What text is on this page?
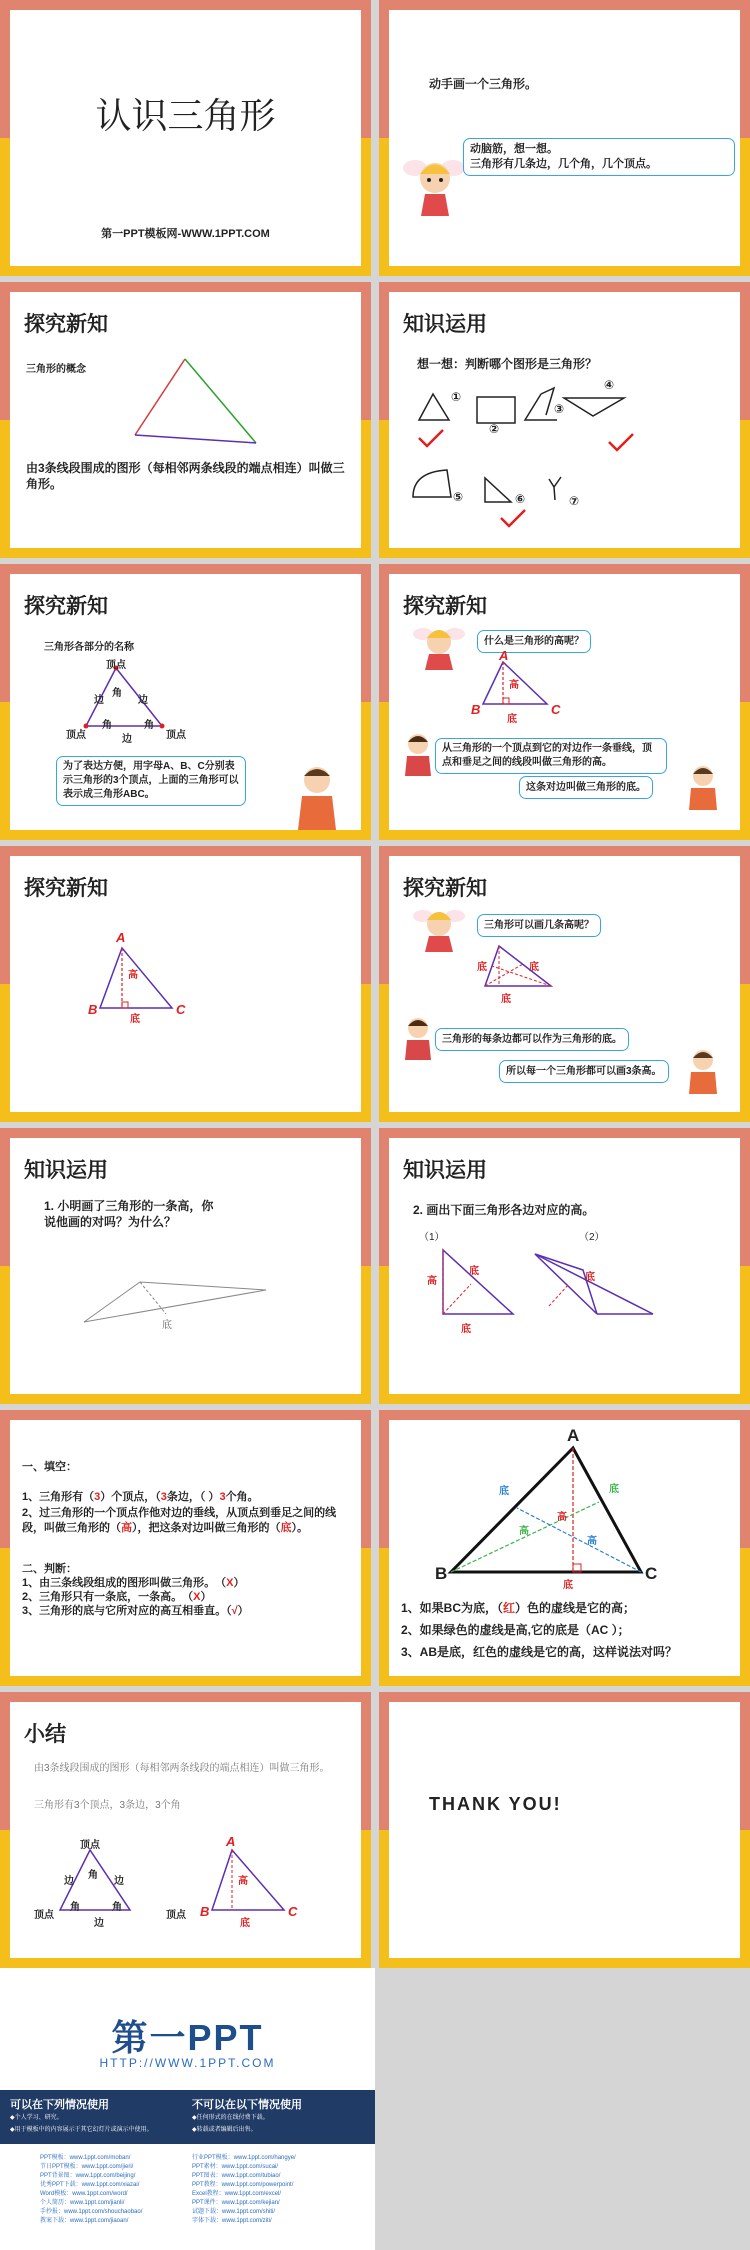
认识三角形
第一PPT模板网-WWW.1PPT.COM
动手画一个三角形。
动脑筋，想一想。
三角形有几条边，几个角，几个顶点。
探究新知
三角形的概念
由3条线段围成的图形（每相邻两条线段的端点相连）叫做三角形。
知识运用
想一想：判断哪个图形是三角形？
①
②
③
④
⑤	⑥	⑦
探究新知
三角形各部分的名称
顶点
顶点	顶点
边	边
边
角
角	角
为了表达方便，用字母A、B、C分别表示三角形的3个顶点，上面的三角形可以表示成三角形ABC。
探究新知
什么是三角形的高呢？
A
B	C
高
底
从三角形的一个顶点到它的对边作一条垂线，顶点和垂足之间的线段叫做三角形的高。
这条对边叫做三角形的底。
探究新知
A
B	C
高
底
探究新知
三角形可以画几条高呢？
底	底
底
三角形的每条边都可以作为三角形的底。
所以每一个三角形都可以画3条高。
知识运用
1. 小明画了三角形的一条高，你说他画的对吗？为什么？
底
知识运用
2. 画出下面三角形各边对应的高。
（1）	（2）
高
底
底
底
一、填空：
1、三角形有（3）个顶点，（3条边，（ ）3个角。
2、过三角形的一个顶点作他对边的垂线，从顶点到垂足之间的线段，叫做三角形的（高），把这条对边叫做三角形的（底）。
二、判断：
1、由三条线段组成的图形叫做三角形。　（X）
2、三角形只有一条底，一条高。　（X）
3、三角形的底与它所对应的高互相垂直。（√）
A
B	C
底	底
底
高
高
高
1、如果BC为底，（红）色的虚线是它的高；
2、如果绿色的虚线是高,它的底是（AC ）；
3、AB是底，红色的虚线是它的高，这样说法对吗？
小结
由3条线段围成的图形（每相邻两条线段的端点相连）叫做三角形。
三角形有3个顶点，3条边，3个角
顶点
顶点	顶点
边	边
边
角
角	角
A
B	C
高
底
THANK YOU!
第一PPT
HTTP://WWW.1PPT.COM
可以在下列情况使用
◆个人学习、研究。
◆用于模板中的内容展示于其它幻灯片或演示中使用。
不可以在以下情况使用
◆任何形式的在线付费下载。
◆转载或者编辑后出售。
PPT模板：www.1ppt.com/moban/
节日PPT模板：www.1ppt.com/jieri/
PPT背景图：www.1ppt.com/beijing/
优秀PPT下载：www.1ppt.com/xiazai/
Word模板：www.1ppt.com/word/
个人简历：www.1ppt.com/jianli/
手抄报：www.1ppt.com/shouchaobao/
教案下载：www.1ppt.com/jiaoan/
行业PPT模板：www.1ppt.com/hangye/
PPT素材：www.1ppt.com/sucai/
PPT图表：www.1ppt.com/tubiao/
PPT教程：www.1ppt.com/powerpoint/
Excel教程：www.1ppt.com/excel/
PPT课件：www.1ppt.com/kejian/
试题下载：www.1ppt.com/shiti/
字体下载：www.1ppt.com/ziti/
